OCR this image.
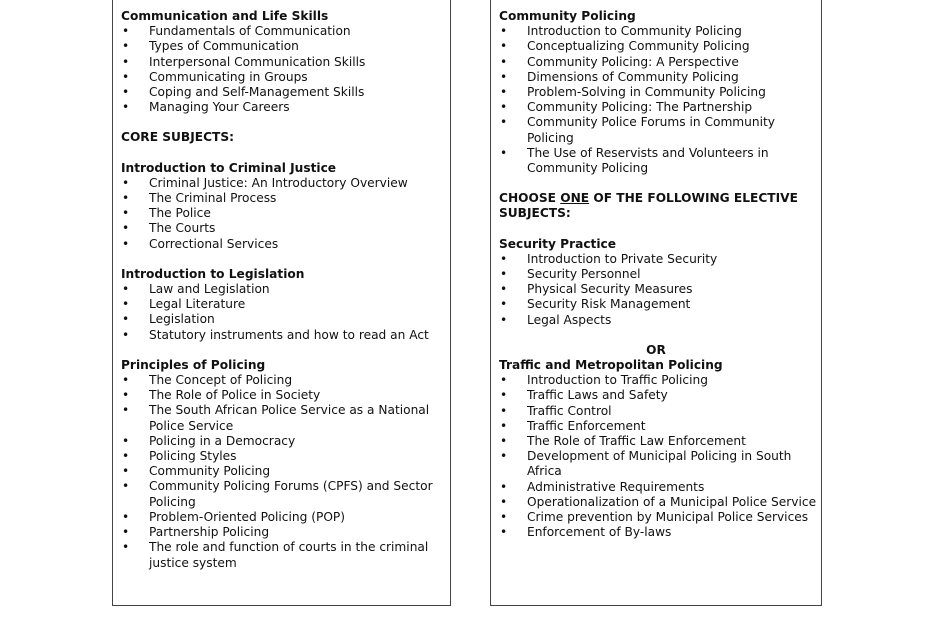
Communication and Life Skills

• Fundamentals of Communication
• Types of Communication
• Interpersonal Communication Skills
• Communicating in Groups
• Coping and Self-Management Skills
• Managing Your Careers

CORE SUBJECTS:

Introduction to Criminal Justice

• Criminal Justice: An Introductory Overview
• The Criminal Process
• The Police
• The Courts
• Correctional Services

Introduction to Legislation

• Law and Legislation
• Legal Literature
• Legislation
• Statutory instruments and how to read an Act

Principles of Policing

• The Concept of Policing
• The Role of Police in Society
• The South African Police Service as a National Police Service
• Policing in a Democracy
• Policing Styles
• Community Policing
• Community Policing Forums (CPFS) and Sector Policing
• Problem-Oriented Policing (POP)
• Partnership Policing
• The role and function of courts in the criminal justice system

Community Policing

• Introduction to Community Policing
• Conceptualizing Community Policing
• Community Policing: A Perspective
• Dimensions of Community Policing
• Problem-Solving in Community Policing
• Community Policing: The Partnership
• Community Police Forums in Community Policing
• The Use of Reservists and Volunteers in Community Policing

CHOOSE ONE OF THE FOLLOWING ELECTIVE SUBJECTS:

Security Practice

• Introduction to Private Security
• Security Personnel
• Physical Security Measures
• Security Risk Management
• Legal Aspects
OR

Traffic and Metropolitan Policing

• Introduction to Traffic Policing
• Traffic Laws and Safety
• Traffic Control
• Traffic Enforcement
• The Role of Traffic Law Enforcement
• Development of Municipal Policing in South Africa
• Administrative Requirements
• Operationalization of a Municipal Police Service
• Crime prevention by Municipal Police Services
• Enforcement of By-laws
